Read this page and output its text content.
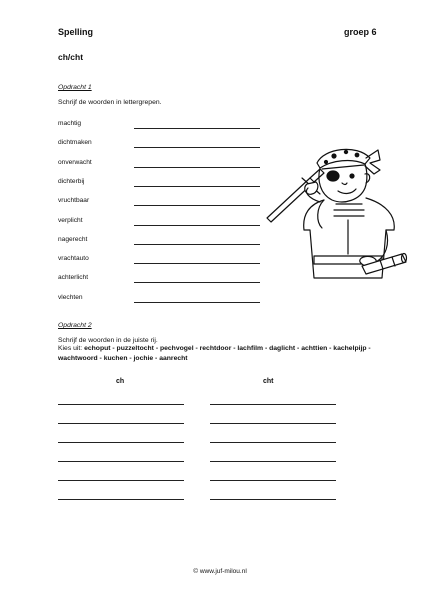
Spelling	groep 6
ch/cht
Opdracht 1
Schrijf de woorden in lettergrepen.
machtig
dichtmaken
onverwacht
dichterbij
vruchtbaar
verplicht
nagerecht
vrachtauto
achterlicht
vlechten
Opdracht 2
Schrijf de woorden in de juiste rij.
Kies uit: echoput - puzzeltocht - pechvogel - rechtdoor - lachfilm - daglicht - achttien - kachelpijp -
wachtwoord - kuchen - jochie - aanrecht
ch	cht
© www.juf-milou.nl
